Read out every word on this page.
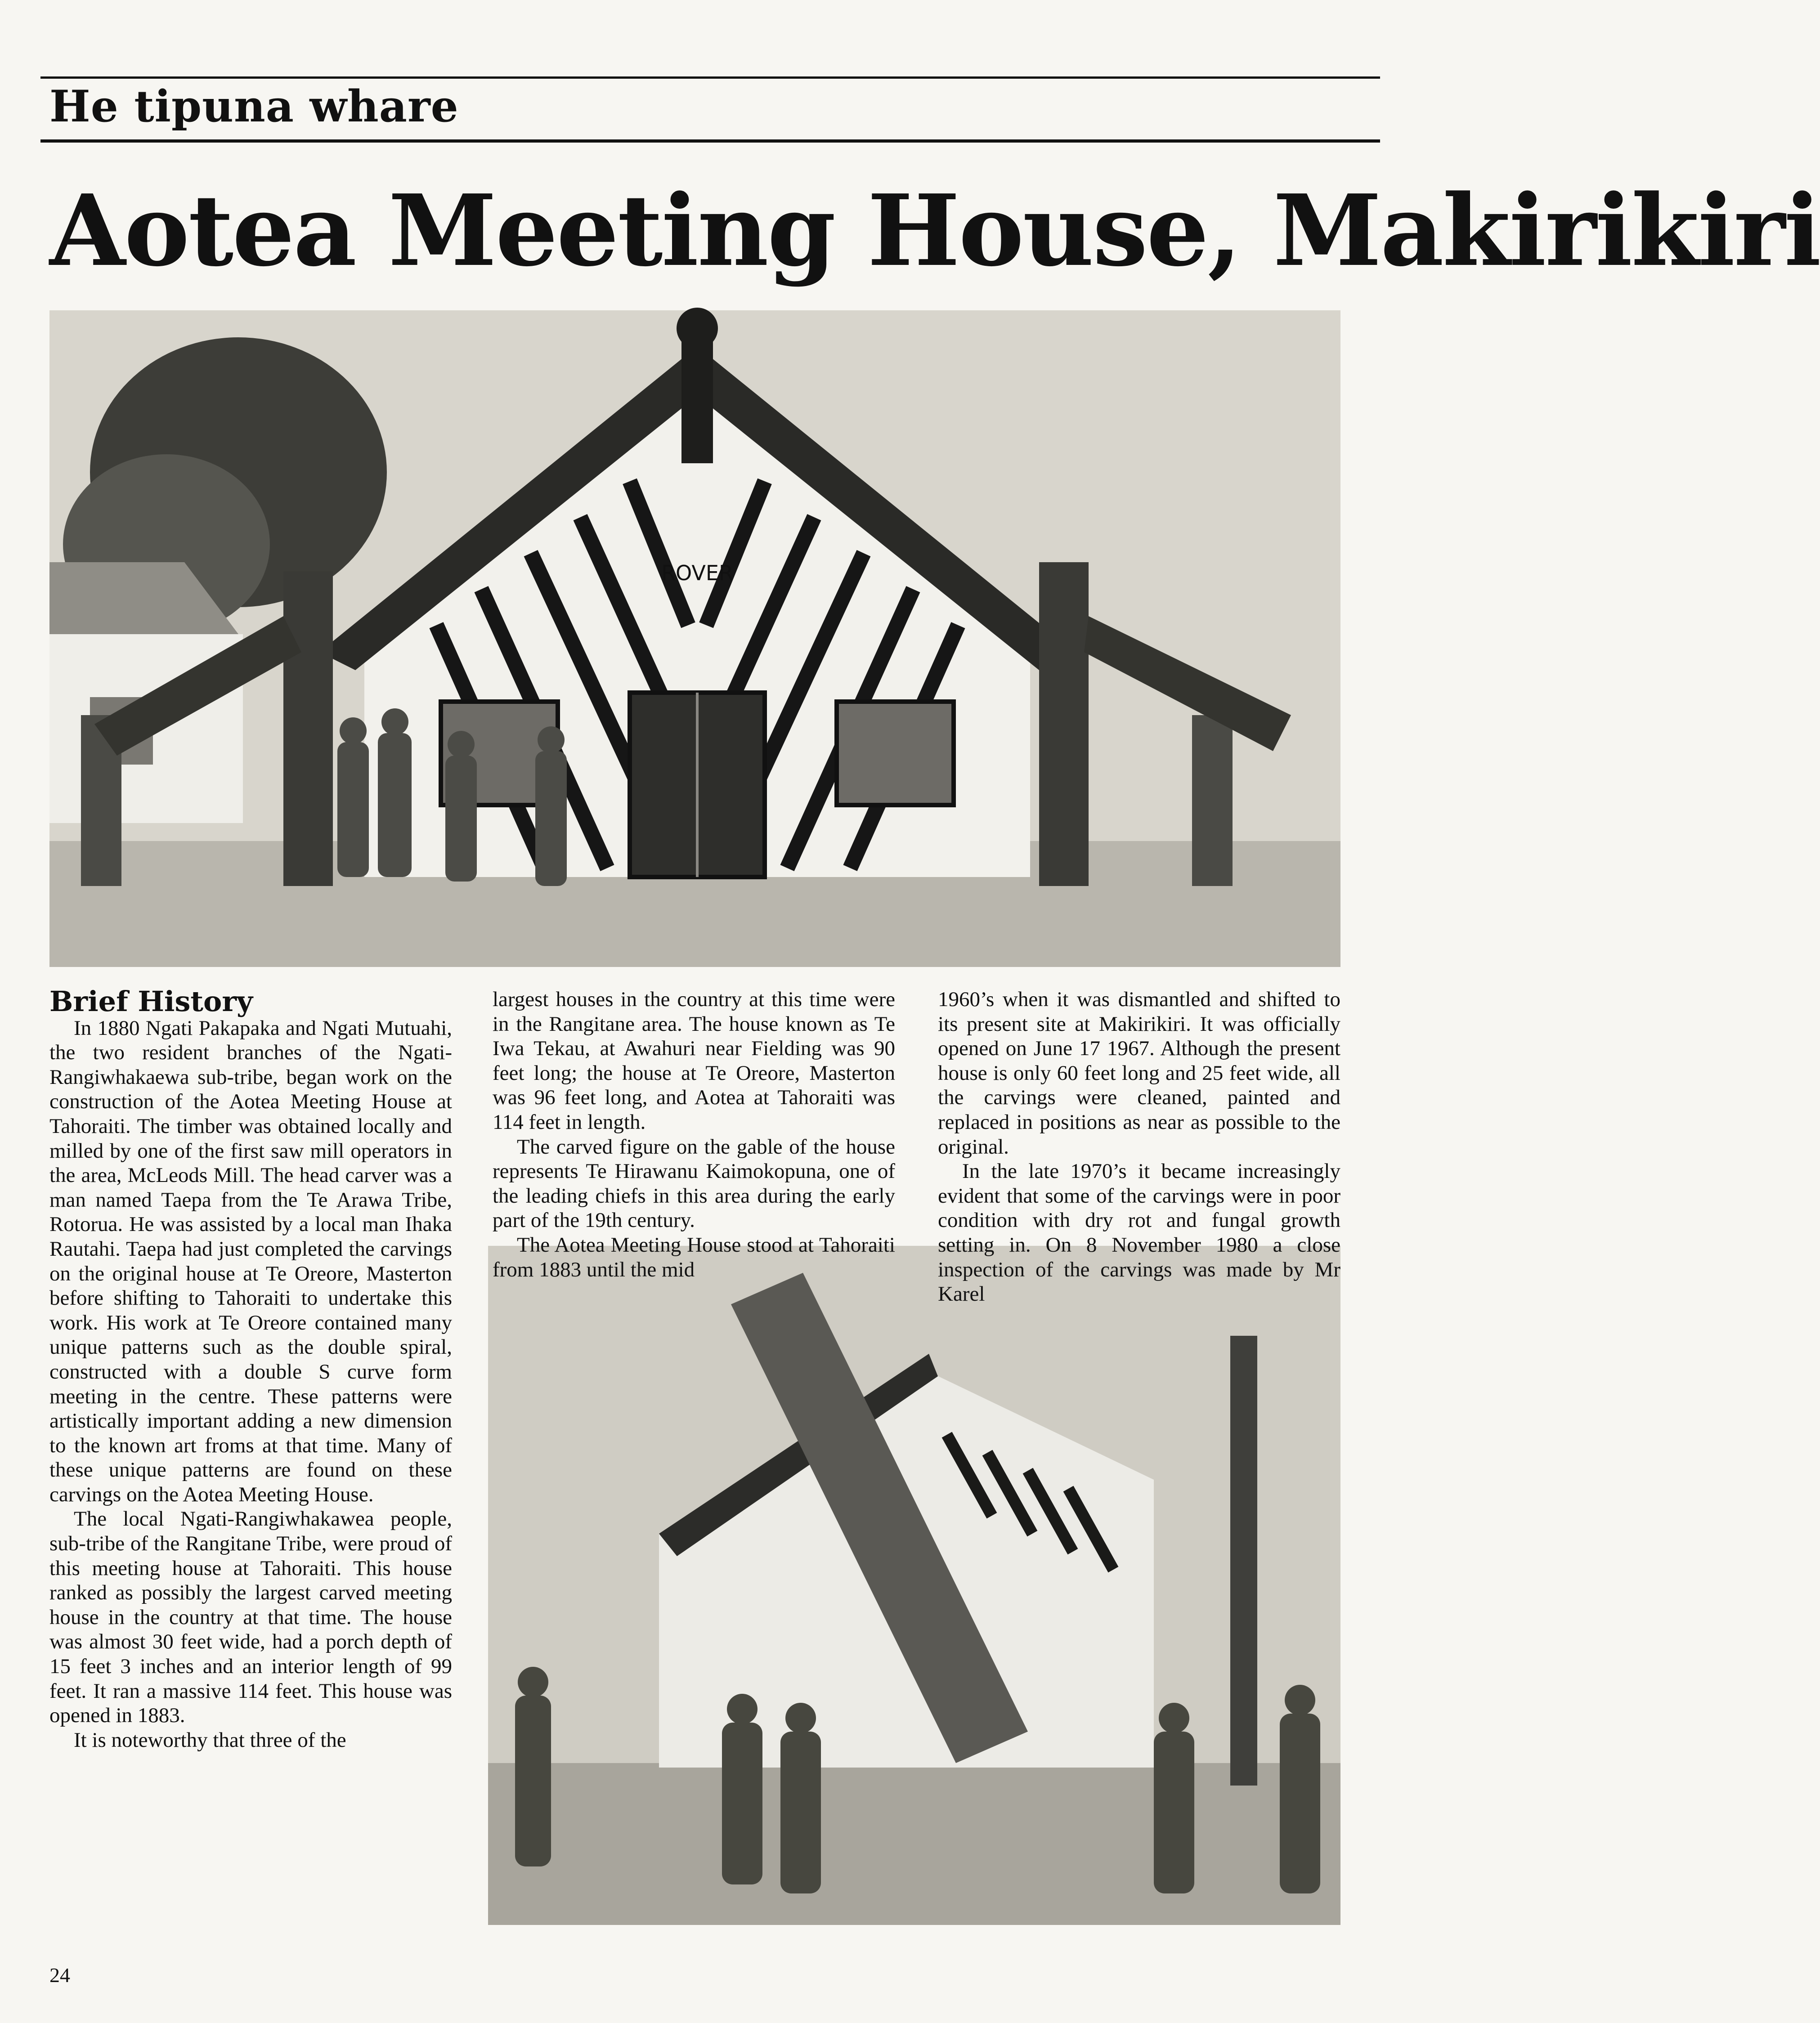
He tipuna whare
Aotea Meeting House, Makirikiri
ROVER
Brief History

In 1880 Ngati Pakapaka and Ngati Mutuahi, the two resident branches of the Ngati-Rangiwhakaewa sub-tribe, began work on the construction of the Aotea Meeting House at Tahoraiti. The timber was obtained locally and milled by one of the first saw mill operators in the area, McLeods Mill. The head carver was a man named Taepa from the Te Arawa Tribe, Rotorua. He was assisted by a local man Ihaka Rautahi. Taepa had just completed the carvings on the original house at Te Oreore, Masterton before shifting to Tahoraiti to undertake this work. His work at Te Oreore contained many unique patterns such as the double spiral, constructed with a double S curve form meeting in the centre. These patterns were artistically important adding a new dimension to the known art froms at that time. Many of these unique patterns are found on these carvings on the Aotea Meeting House.

The local Ngati-Rangiwhakawea people, sub-tribe of the Rangitane Tribe, were proud of this meeting house at Tahoraiti. This house ranked as possibly the largest carved meeting house in the country at that time. The house was almost 30 feet wide, had a porch depth of 15 feet 3 inches and an interior length of 99 feet. It ran a massive 114 feet. This house was opened in 1883.

It is noteworthy that three of the

largest houses in the country at this time were in the Rangitane area. The house known as Te Iwa Tekau, at Awahuri near Fielding was 90 feet long; the house at Te Oreore, Masterton was 96 feet long, and Aotea at Tahoraiti was 114 feet in length.

The carved figure on the gable of the house represents Te Hirawanu Kaimokopuna, one of the leading chiefs in this area during the early part of the 19th century.

The Aotea Meeting House stood at Tahoraiti from 1883 until the mid

1960’s when it was dismantled and shifted to its present site at Makirikiri. It was officially opened on June 17 1967. Although the present house is only 60 feet long and 25 feet wide, all the carvings were cleaned, painted and replaced in positions as near as possible to the original.

In the late 1970’s it became increasingly evident that some of the carvings were in poor condition with dry rot and fungal growth setting in. On 8 November 1980 a close inspection of the carvings was made by Mr Karel

24
